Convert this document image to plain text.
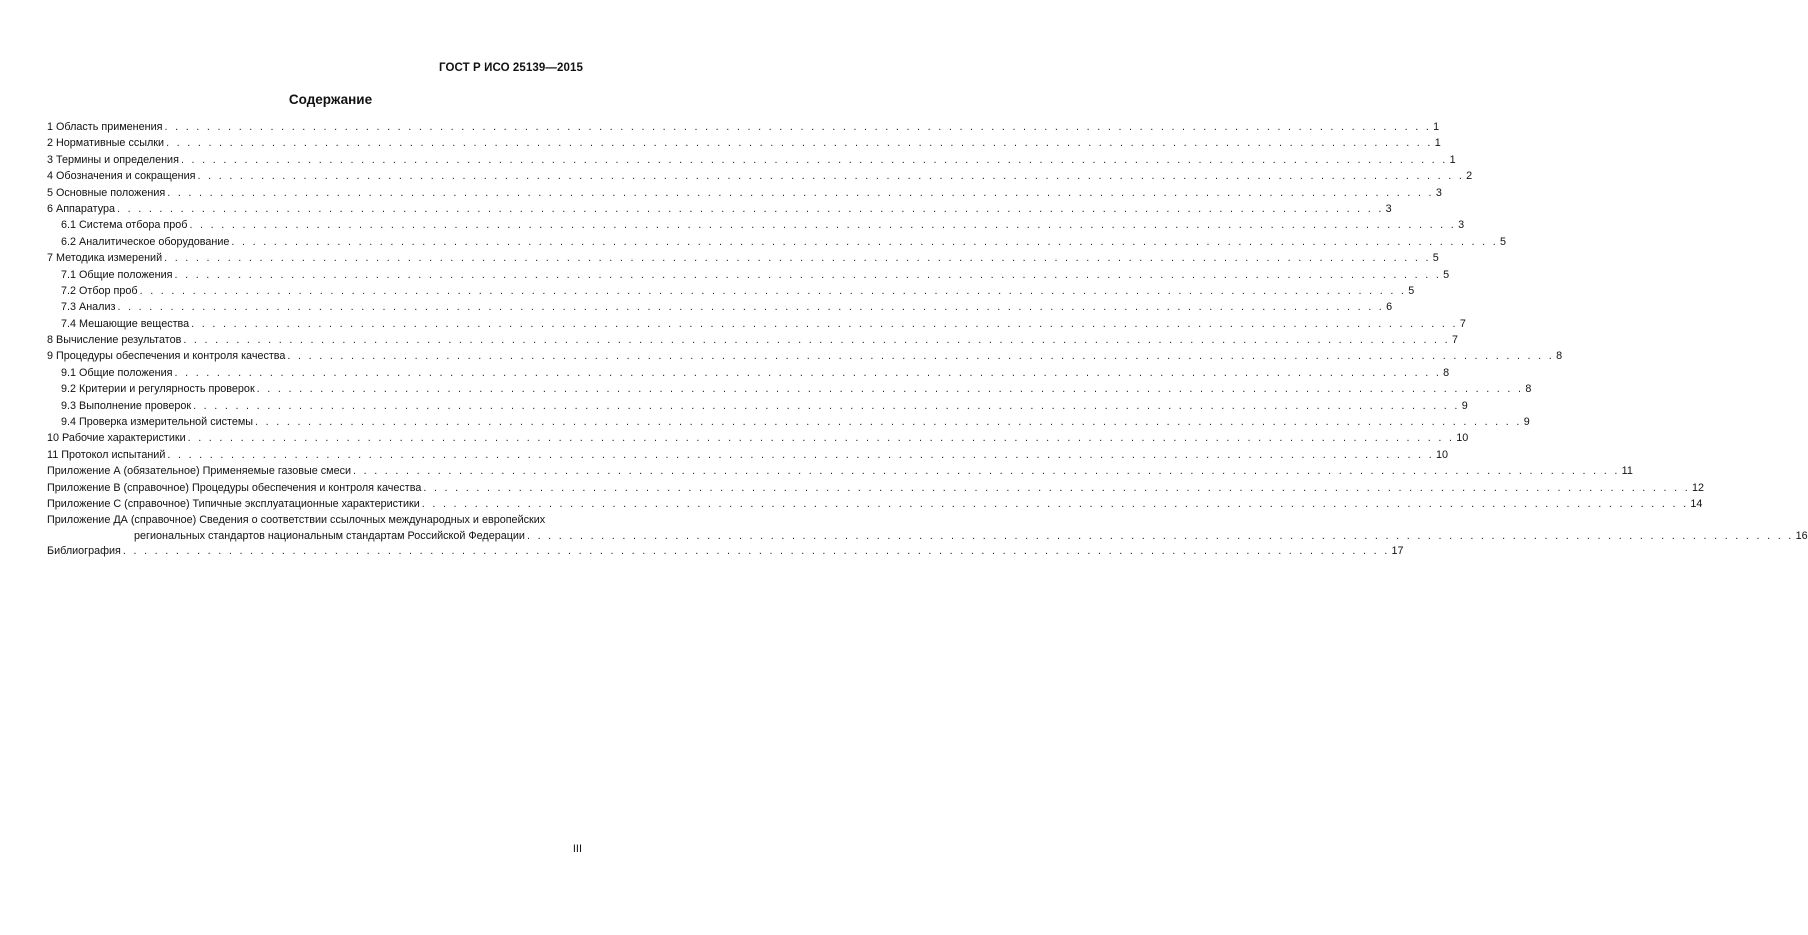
ГОСТ Р ИСО 25139—2015
Содержание
1 Область применения . . . . . . . . . . . . . . . . . . . . . . . . . . . . . . . . . . . . . . . . . . . . . . . . . . . . . . . . . . . . . . . . . . . . . . . . . . . . . . . . . . . . . . . . . . . . . . . . . . . . . . . . . . . . . . . . . . . . . . . . 1
2 Нормативные ссылки . . . . . . . . . . . . . . . . . . . . . . . . . . . . . . . . . . . . . . . . . . . . . . . . . . . . . . . . . . . . . . . . . . . . . . . . . . . . . . . . . . . . . . . . . . . . . . . . . . . . . . . . . . . . . . . . . . . . . . . . 1
3 Термины и определения . . . . . . . . . . . . . . . . . . . . . . . . . . . . . . . . . . . . . . . . . . . . . . . . . . . . . . . . . . . . . . . . . . . . . . . . . . . . . . . . . . . . . . . . . . . . . . . . . . . . . . . . . . . . . . . . . . . . . . . . 1
4 Обозначения и сокращения . . . . . . . . . . . . . . . . . . . . . . . . . . . . . . . . . . . . . . . . . . . . . . . . . . . . . . . . . . . . . . . . . . . . . . . . . . . . . . . . . . . . . . . . . . . . . . . . . . . . . . . . . . . . . . . . . . . . . . . . 2
5 Основные положения . . . . . . . . . . . . . . . . . . . . . . . . . . . . . . . . . . . . . . . . . . . . . . . . . . . . . . . . . . . . . . . . . . . . . . . . . . . . . . . . . . . . . . . . . . . . . . . . . . . . . . . . . . . . . . . . . . . . . . . . 3
6 Аппаратура . . . . . . . . . . . . . . . . . . . . . . . . . . . . . . . . . . . . . . . . . . . . . . . . . . . . . . . . . . . . . . . . . . . . . . . . . . . . . . . . . . . . . . . . . . . . . . . . . . . . . . . . . . . . . . . . . . . . . . . . 3
6.1 Система отбора проб . . . . . . . . . . . . . . . . . . . . . . . . . . . . . . . . . . . . . . . . . . . . . . . . . . . . . . . . . . . . . . . . . . . . . . . . . . . . . . . . . . . . . . . . . . . . . . . . . . . . . . . . . . . . . . . . . . . . . . . . 3
6.2 Аналитическое оборудование . . . . . . . . . . . . . . . . . . . . . . . . . . . . . . . . . . . . . . . . . . . . . . . . . . . . . . . . . . . . . . . . . . . . . . . . . . . . . . . . . . . . . . . . . . . . . . . . . . . . . . . . . . . . . . . . . . . . . . . . 5
7 Методика измерений . . . . . . . . . . . . . . . . . . . . . . . . . . . . . . . . . . . . . . . . . . . . . . . . . . . . . . . . . . . . . . . . . . . . . . . . . . . . . . . . . . . . . . . . . . . . . . . . . . . . . . . . . . . . . . . . . . . . . . . . 5
7.1 Общие положения . . . . . . . . . . . . . . . . . . . . . . . . . . . . . . . . . . . . . . . . . . . . . . . . . . . . . . . . . . . . . . . . . . . . . . . . . . . . . . . . . . . . . . . . . . . . . . . . . . . . . . . . . . . . . . . . . . . . . . . . 5
7.2 Отбор проб . . . . . . . . . . . . . . . . . . . . . . . . . . . . . . . . . . . . . . . . . . . . . . . . . . . . . . . . . . . . . . . . . . . . . . . . . . . . . . . . . . . . . . . . . . . . . . . . . . . . . . . . . . . . . . . . . . . . . . . . 5
7.3 Анализ . . . . . . . . . . . . . . . . . . . . . . . . . . . . . . . . . . . . . . . . . . . . . . . . . . . . . . . . . . . . . . . . . . . . . . . . . . . . . . . . . . . . . . . . . . . . . . . . . . . . . . . . . . . . . . . . . . . . . . . . 6
7.4 Мешающие вещества . . . . . . . . . . . . . . . . . . . . . . . . . . . . . . . . . . . . . . . . . . . . . . . . . . . . . . . . . . . . . . . . . . . . . . . . . . . . . . . . . . . . . . . . . . . . . . . . . . . . . . . . . . . . . . . . . . . . . . . . 7
8 Вычисление результатов . . . . . . . . . . . . . . . . . . . . . . . . . . . . . . . . . . . . . . . . . . . . . . . . . . . . . . . . . . . . . . . . . . . . . . . . . . . . . . . . . . . . . . . . . . . . . . . . . . . . . . . . . . . . . . . . . . . . . . . . 7
9 Процедуры обеспечения и контроля качества . . . . . . . . . . . . . . . . . . . . . . . . . . . . . . . . . . . . . . . . . . . . . . . . . . . . . . . . . . . . . . . . . . . . . . . . . . . . . . . . . . . . . . . . . . . . . . . . . . . . . . . . . . . . . . . . . . . . . . . . 8
9.1 Общие положения . . . . . . . . . . . . . . . . . . . . . . . . . . . . . . . . . . . . . . . . . . . . . . . . . . . . . . . . . . . . . . . . . . . . . . . . . . . . . . . . . . . . . . . . . . . . . . . . . . . . . . . . . . . . . . . . . . . . . . . . 8
9.2 Критерии и регулярность проверок . . . . . . . . . . . . . . . . . . . . . . . . . . . . . . . . . . . . . . . . . . . . . . . . . . . . . . . . . . . . . . . . . . . . . . . . . . . . . . . . . . . . . . . . . . . . . . . . . . . . . . . . . . . . . . . . . . . . . . . . 8
9.3 Выполнение проверок . . . . . . . . . . . . . . . . . . . . . . . . . . . . . . . . . . . . . . . . . . . . . . . . . . . . . . . . . . . . . . . . . . . . . . . . . . . . . . . . . . . . . . . . . . . . . . . . . . . . . . . . . . . . . . . . . . . . . . . . 9
9.4 Проверка измерительной системы . . . . . . . . . . . . . . . . . . . . . . . . . . . . . . . . . . . . . . . . . . . . . . . . . . . . . . . . . . . . . . . . . . . . . . . . . . . . . . . . . . . . . . . . . . . . . . . . . . . . . . . . . . . . . . . . . . . . . . . . 9
10 Рабочие характеристики . . . . . . . . . . . . . . . . . . . . . . . . . . . . . . . . . . . . . . . . . . . . . . . . . . . . . . . . . . . . . . . . . . . . . . . . . . . . . . . . . . . . . . . . . . . . . . . . . . . . . . . . . . . . . . . . . . . . . . . . 10
11 Протокол испытаний . . . . . . . . . . . . . . . . . . . . . . . . . . . . . . . . . . . . . . . . . . . . . . . . . . . . . . . . . . . . . . . . . . . . . . . . . . . . . . . . . . . . . . . . . . . . . . . . . . . . . . . . . . . . . . . . . . . . . . . . 10
Приложение А (обязательное) Применяемые газовые смеси . . . . . . . . . . . . . . . . . . . . . . . . . . . . . . . . . . . . . . . . . . . . . . . . . . . . . . . . . . . . . . . . . . . . . . . . . . . . . . . . . . . . . . . . . . . . . . . . . . . . . . . . . . . . . . . . . . . . . . . . 11
Приложение В (справочное) Процедуры обеспечения и контроля качества . . . . . . . . . . . . . . . . . . . . . . . . . . . . . . . . . . . . . . . . . . . . . . . . . . . . . . . . . . . . . . . . . . . . . . . . . . . . . . . . . . . . . . . . . . . . . . . . . . . . . . . . . . . . . . . . . . . . . . . . 12
Приложение С (справочное) Типичные эксплуатационные характеристики . . . . . . . . . . . . . . . . . . . . . . . . . . . . . . . . . . . . . . . . . . . . . . . . . . . . . . . . . . . . . . . . . . . . . . . . . . . . . . . . . . . . . . . . . . . . . . . . . . . . . . . . . . . . . . . . . . . . . . . . 14
Приложение ДА (справочное) Сведения о соответствии ссылочных международных и европейских
региональных стандартов национальным стандартам Российской Федерации . . . . . . . . . . . . . . . . . . . . . . . . . . . . . . . . . . . . . . . . . . . . . . . . . . . . . . . . . . . . . . . . . . . . . . . . . . . . . . . . . . . . . . . . . . . . . . . . . . . . . . . . . . . . . . . . . . . . . . . . 16
Библиография . . . . . . . . . . . . . . . . . . . . . . . . . . . . . . . . . . . . . . . . . . . . . . . . . . . . . . . . . . . . . . . . . . . . . . . . . . . . . . . . . . . . . . . . . . . . . . . . . . . . . . . . . . . . . . . . . . . . . . . . 17
III
